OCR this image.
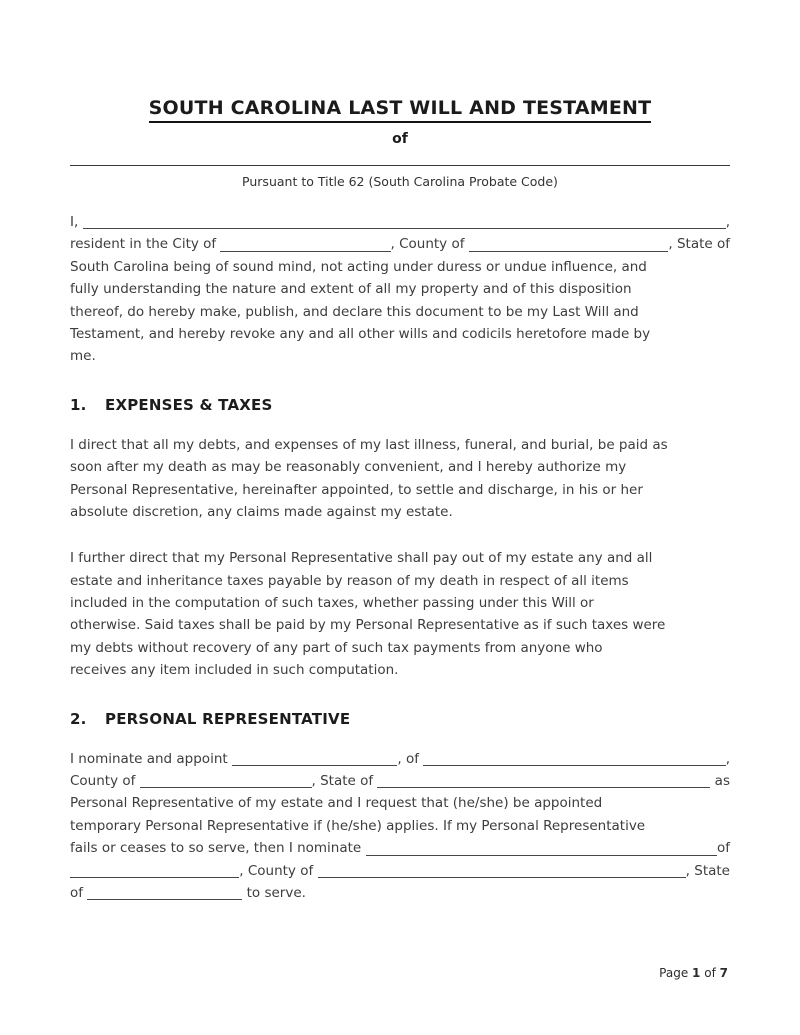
SOUTH CAROLINA LAST WILL AND TESTAMENT
of
Pursuant to Title 62 (South Carolina Probate Code)
I,	,
resident in the City of	, County of	, State of
South Carolina being of sound mind, not acting under duress or undue influence, and
fully understanding the nature and extent of all my property and of this disposition
thereof, do hereby make, publish, and declare this document to be my Last Will and
Testament, and hereby revoke any and all other wills and codicils heretofore made by
me.
1.	EXPENSES & TAXES
I direct that all my debts, and expenses of my last illness, funeral, and burial, be paid as
soon after my death as may be reasonably convenient, and I hereby authorize my
Personal Representative, hereinafter appointed, to settle and discharge, in his or her
absolute discretion, any claims made against my estate.
I further direct that my Personal Representative shall pay out of my estate any and all
estate and inheritance taxes payable by reason of my death in respect of all items
included in the computation of such taxes, whether passing under this Will or
otherwise. Said taxes shall be paid by my Personal Representative as if such taxes were
my debts without recovery of any part of such tax payments from anyone who
receives any item included in such computation.
2.	PERSONAL REPRESENTATIVE
I nominate and appoint	, of	,
County of	, State of	as
Personal Representative of my estate and I request that (he/she) be appointed
temporary Personal Representative if (he/she) applies. If my Personal Representative
fails or ceases to so serve, then I nominate	of
, County of	, State
of	to serve.
Page 1 of 7
